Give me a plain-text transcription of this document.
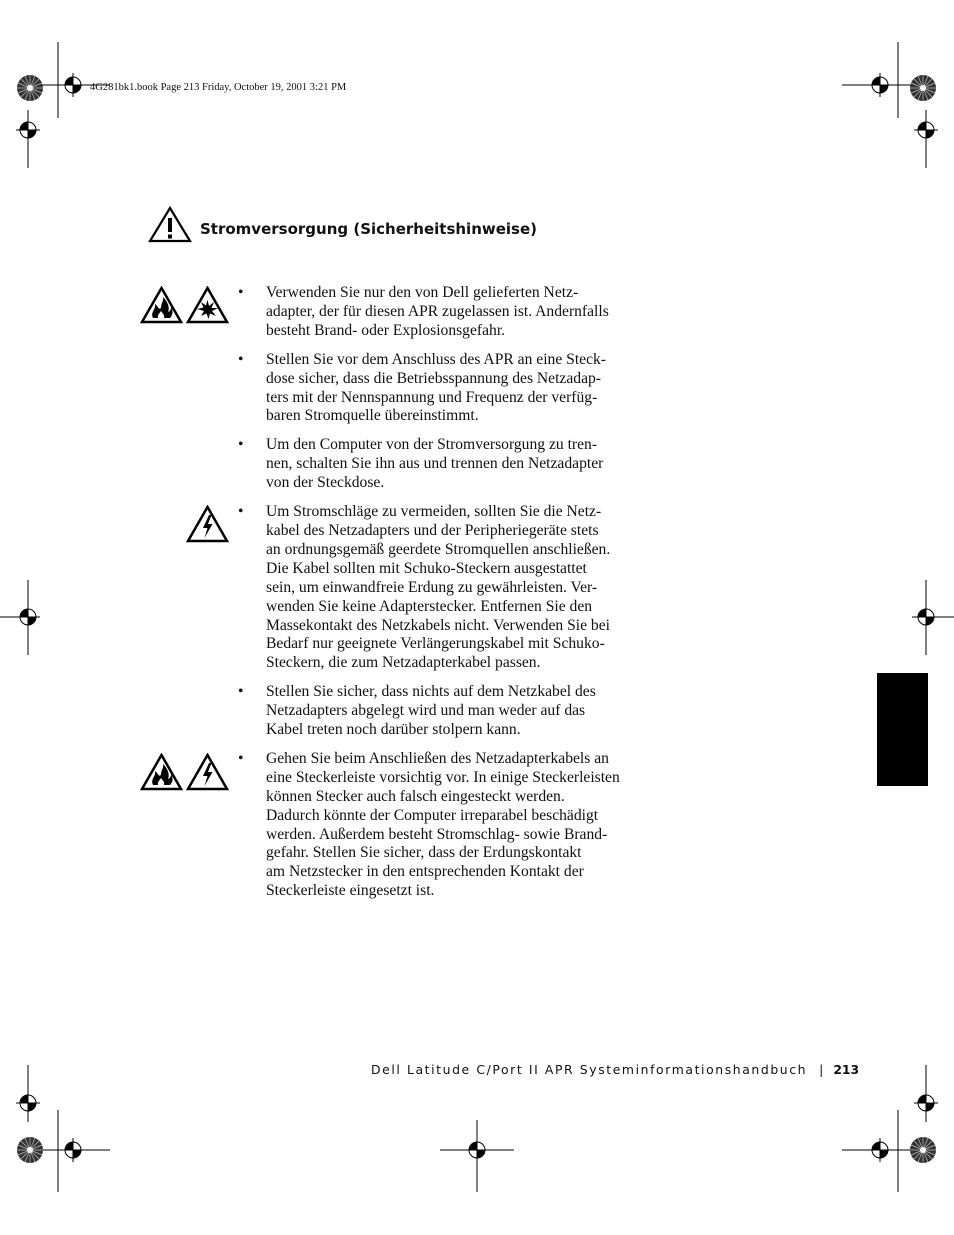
4G281bk1.book Page 213 Friday, October 19, 2001 3:21 PM
Stromversorgung (Sicherheitshinweise)
• Verwenden Sie nur den von Dell gelieferten Netz-
adapter, der für diesen APR zugelassen ist. Andernfalls
besteht Brand- oder Explosionsgefahr.
• Stellen Sie vor dem Anschluss des APR an eine Steck-
dose sicher, dass die Betriebsspannung des Netzadap-
ters mit der Nennspannung und Frequenz der verfüg-
baren Stromquelle übereinstimmt.
• Um den Computer von der Stromversorgung zu tren-
nen, schalten Sie ihn aus und trennen den Netzadapter
von der Steckdose.
• Um Stromschläge zu vermeiden, sollten Sie die Netz-
kabel des Netzadapters und der Peripheriegeräte stets
an ordnungsgemäß geerdete Stromquellen anschließen.
Die Kabel sollten mit Schuko-Steckern ausgestattet
sein, um einwandfreie Erdung zu gewährleisten. Ver-
wenden Sie keine Adapterstecker. Entfernen Sie den
Massekontakt des Netzkabels nicht. Verwenden Sie bei
Bedarf nur geeignete Verlängerungskabel mit Schuko-
Steckern, die zum Netzadapterkabel passen.
• Stellen Sie sicher, dass nichts auf dem Netzkabel des
Netzadapters abgelegt wird und man weder auf das
Kabel treten noch darüber stolpern kann.
• Gehen Sie beim Anschließen des Netzadapterkabels an
eine Steckerleiste vorsichtig vor. In einige Steckerleisten
können Stecker auch falsch eingesteckt werden.
Dadurch könnte der Computer irreparabel beschädigt
werden. Außerdem besteht Stromschlag- sowie Brand-
gefahr. Stellen Sie sicher, dass der Erdungskontakt
am Netzstecker in den entsprechenden Kontakt der
Steckerleiste eingesetzt ist.
Dell Latitude C/Port II APR Systeminformationshandbuch | 213
